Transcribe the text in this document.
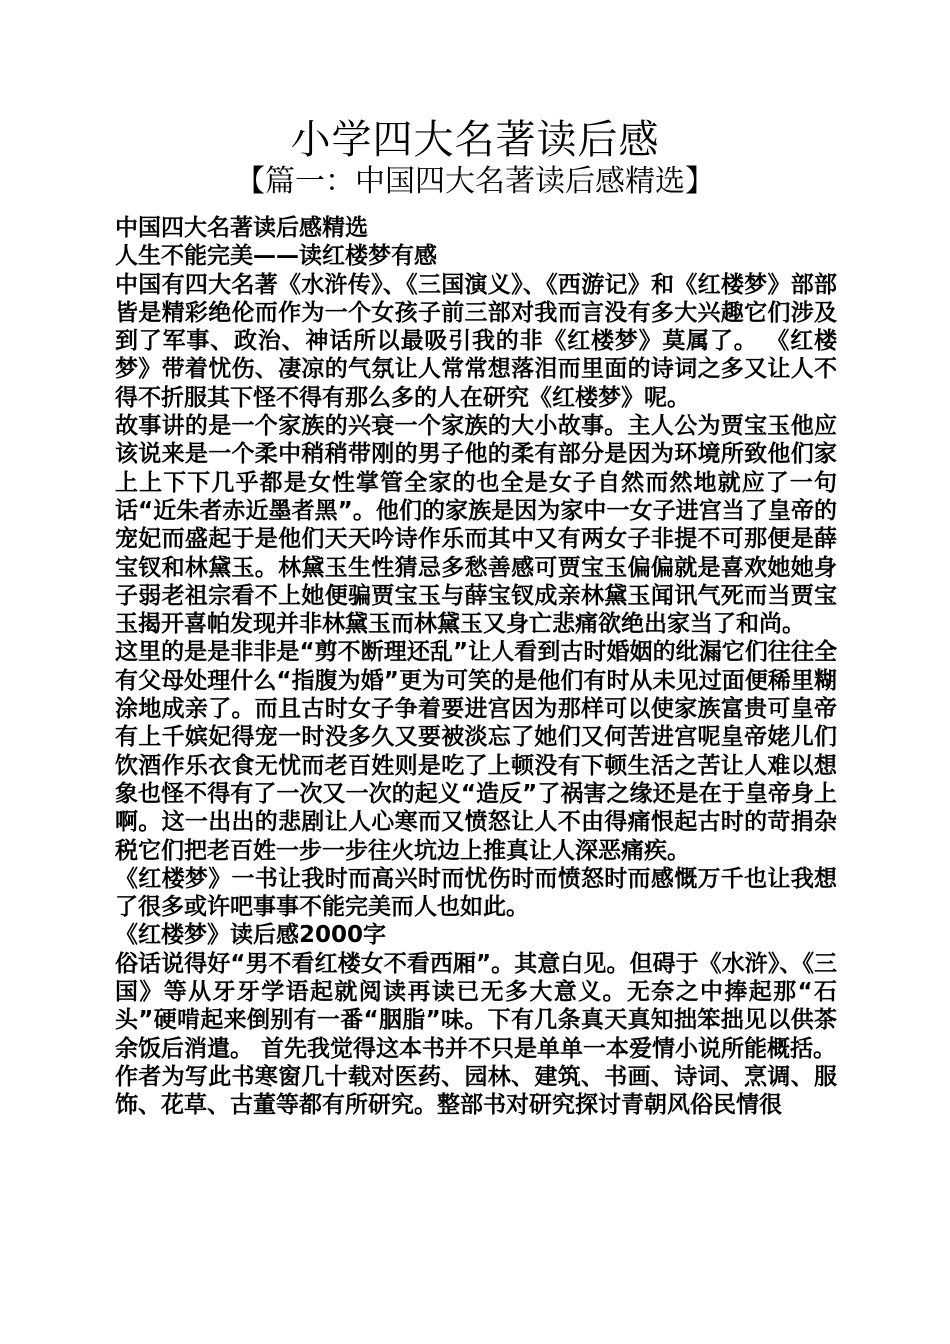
小学四大名著读后感
【篇一：中国四大名著读后感精选】

中国四大名著读后感精选

人生不能完美——读红楼梦有感

中国有四大名著《水浒传》、《三国演义》、《西游记》和《红楼梦》部部皆是精彩绝伦而作为一个女孩子前三部对我而言没有多大兴趣它们涉及到了军事、政治、神话所以最吸引我的非《红楼梦》莫属了。 《红楼梦》带着忧伤、凄凉的气氛让人常常想落泪而里面的诗词之多又让人不得不折服其下怪不得有那么多的人在研究《红楼梦》呢。

故事讲的是一个家族的兴衰一个家族的大小故事。主人公为贾宝玉他应该说来是一个柔中稍稍带刚的男子他的柔有部分是因为环境所致他们家上上下下几乎都是女性掌管全家的也全是女子自然而然地就应了一句话“近朱者赤近墨者黑”。他们的家族是因为家中一女子进宫当了皇帝的宠妃而盛起于是他们天天吟诗作乐而其中又有两女子非提不可那便是薛宝钗和林黛玉。林黛玉生性猜忌多愁善感可贾宝玉偏偏就是喜欢她她身子弱老祖宗看不上她便骗贾宝玉与薛宝钗成亲林黛玉闻讯气死而当贾宝玉揭开喜帕发现并非林黛玉而林黛玉又身亡悲痛欲绝出家当了和尚。

这里的是是非非是“剪不断理还乱”让人看到古时婚姻的纰漏它们往往全有父母处理什么“指腹为婚”更为可笑的是他们有时从未见过面便稀里糊涂地成亲了。而且古时女子争着要进宫因为那样可以使家族富贵可皇帝有上千嫔妃得宠一时没多久又要被淡忘了她们又何苦进宫呢皇帝姥儿们饮酒作乐衣食无忧而老百姓则是吃了上顿没有下顿生活之苦让人难以想象也怪不得有了一次又一次的起义“造反”了祸害之缘还是在于皇帝身上啊。这一出出的悲剧让人心寒而又愤怒让人不由得痛恨起古时的苛捐杂税它们把老百姓一步一步往火坑边上推真让人深恶痛疾。

《红楼梦》一书让我时而高兴时而忧伤时而愤怒时而感慨万千也让我想了很多或许吧事事不能完美而人也如此。

《红楼梦》读后感2000字

俗话说得好“男不看红楼女不看西厢”。其意白见。但碍于《水浒》、《三国》等从牙牙学语起就阅读再读已无多大意义。无奈之中捧起那“石头”硬啃起来倒别有一番“胭脂”味。下有几条真天真知拙笨拙见以供茶余饭后消遣。 首先我觉得这本书并不只是单单一本爱情小说所能概括。

作者为写此书寒窗几十载对医药、园林、建筑、书画、诗词、烹调、服饰、花草、古董等都有所研究。整部书对研究探讨青朝风俗民情很
